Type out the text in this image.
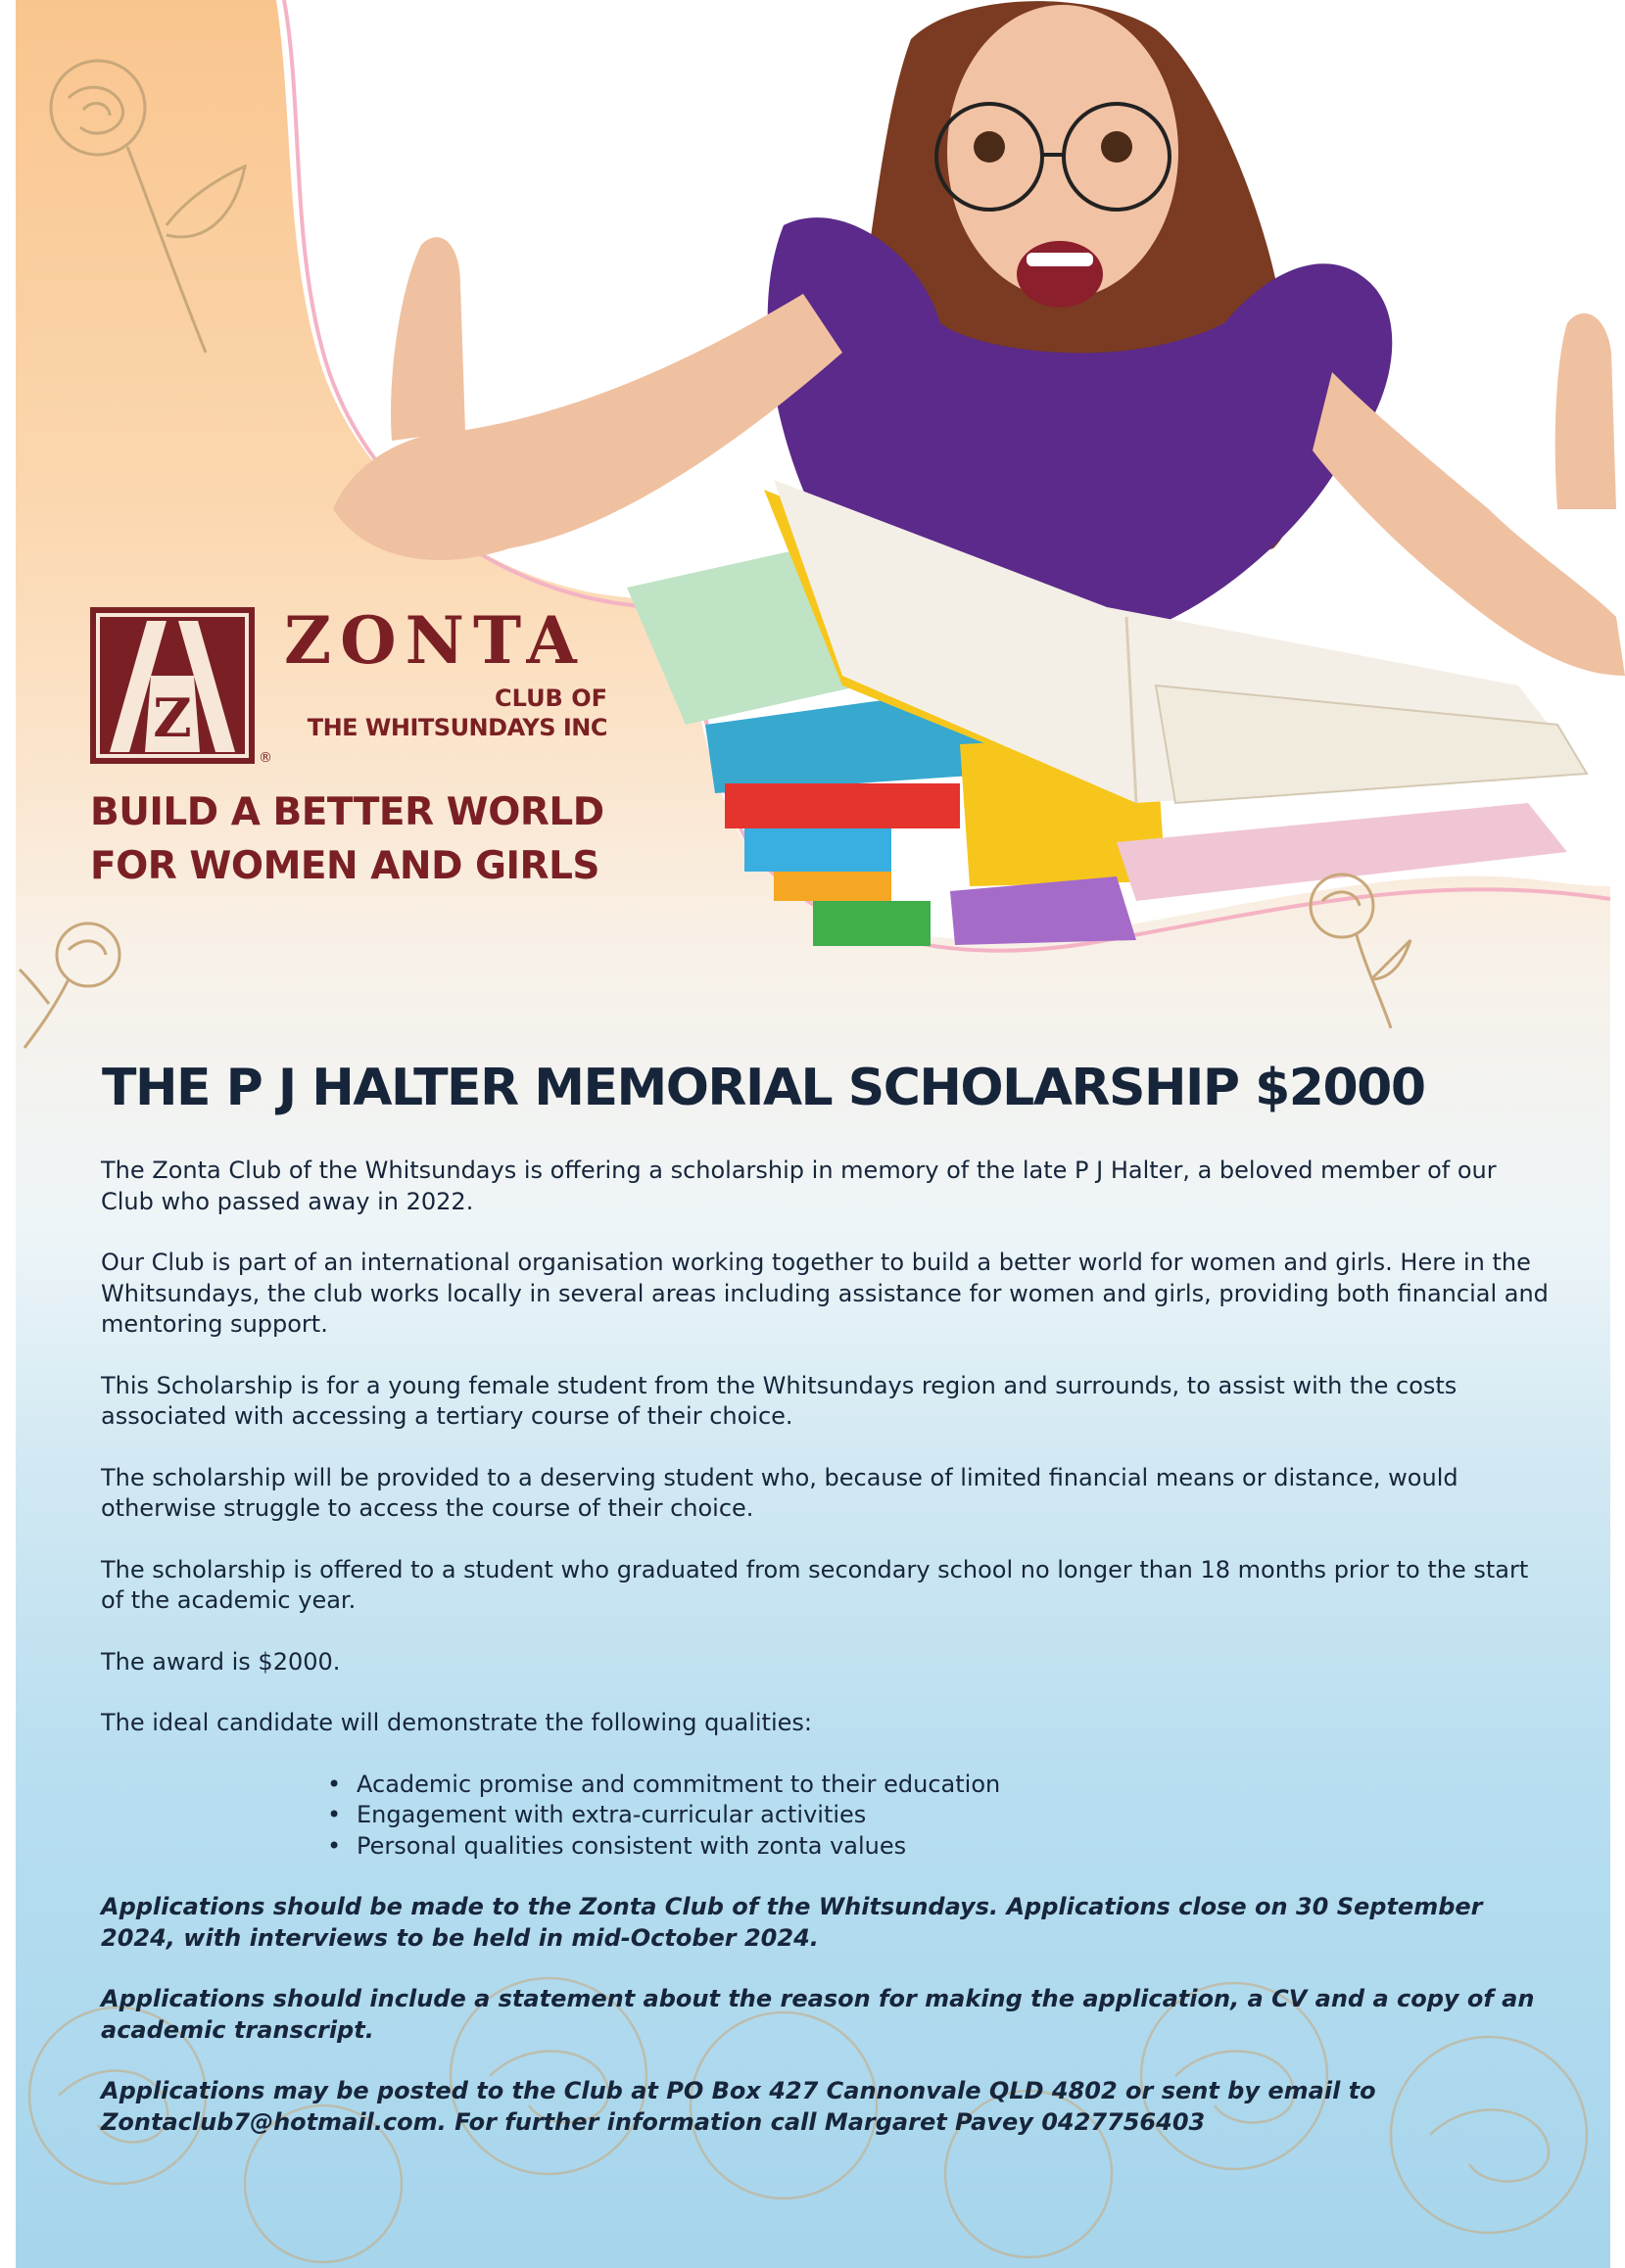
Z
®
ZONTA
CLUB OF
THE WHITSUNDAYS INC
BUILD A BETTER WORLD
FOR WOMEN AND GIRLS
THE P J HALTER MEMORIAL SCHOLARSHIP $2000

The Zonta Club of the Whitsundays is offering a scholarship in memory of the late P J Halter, a beloved member of our Club who passed away in 2022.

Our Club is part of an international organisation working together to build a better world for women and girls. Here in the Whitsundays, the club works locally in several areas including assistance for women and girls, providing both financial and mentoring support.

This Scholarship is for a young female student from the Whitsundays region and surrounds, to assist with the costs associated with accessing a tertiary course of their choice.

The scholarship will be provided to a deserving student who, because of limited financial means or distance, would otherwise struggle to access the course of their choice.

The scholarship is offered to a student who graduated from secondary school no longer than 18 months prior to the start of the academic year.

The award is $2000.

The ideal candidate will demonstrate the following qualities:

• Academic promise and commitment to their education
• Engagement with extra-curricular activities
• Personal qualities consistent with zonta values

Applications should be made to the Zonta Club of the Whitsundays. Applications close on 30 September 2024, with interviews to be held in mid-October 2024.

Applications should include a statement about the reason for making the application, a CV and a copy of an academic transcript.

Applications may be posted to the Club at PO Box 427 Cannonvale QLD 4802 or sent by email to Zontaclub7@hotmail.com. For further information call Margaret Pavey 0427756403
